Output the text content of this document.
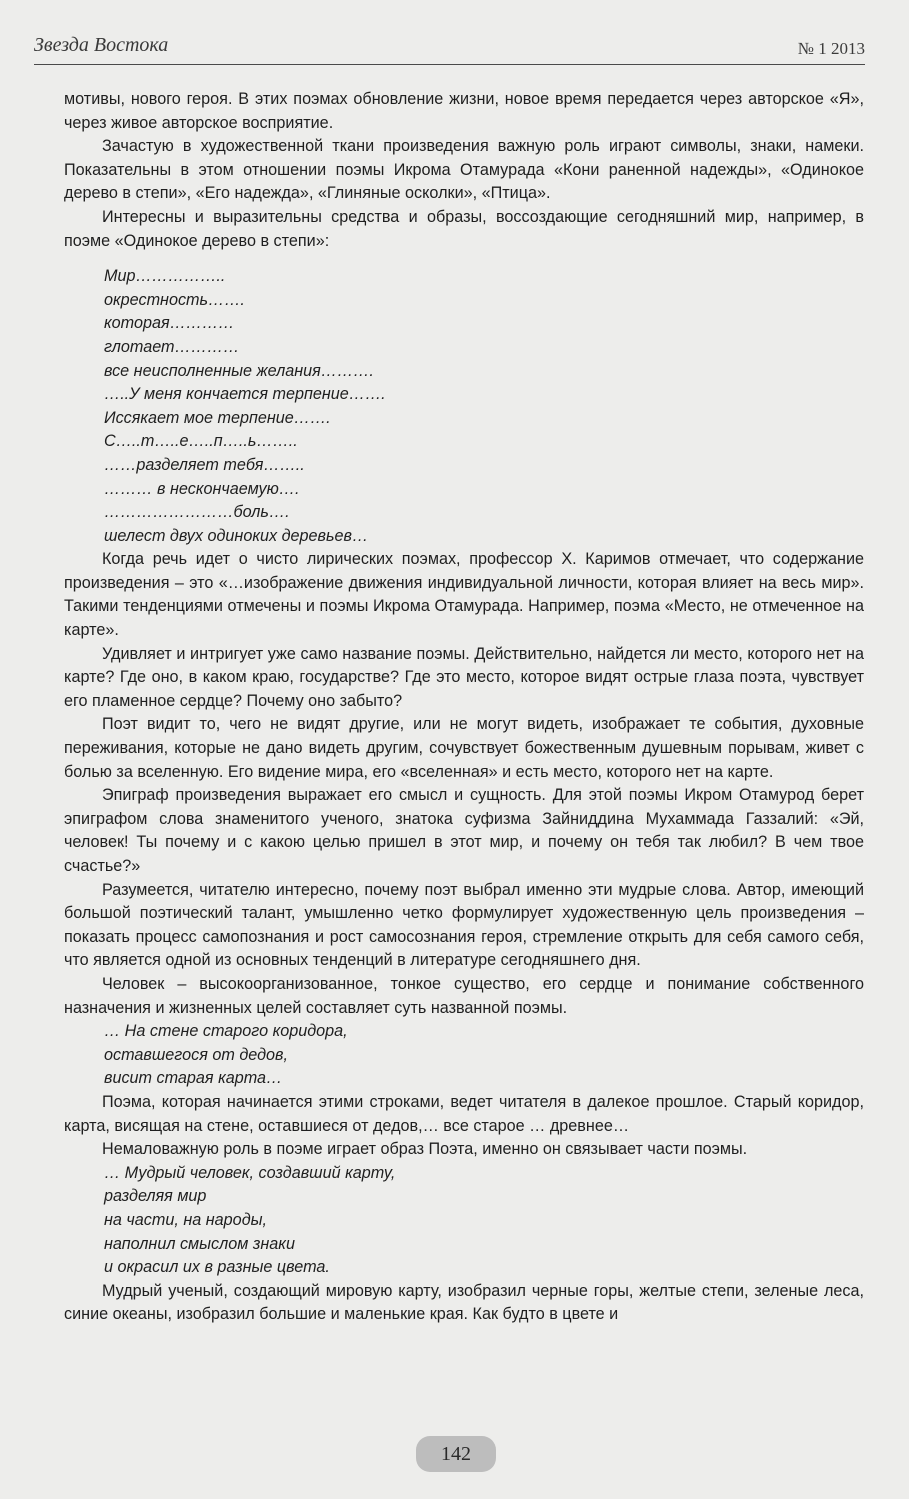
Звезда Востока	№ 1 2013

мотивы, нового героя. В этих поэмах обновление жизни, новое время передается через авторское «Я», через живое авторское восприятие.

Зачастую в художественной ткани произведения важную роль играют символы, знаки, намеки. Показательны в этом отношении поэмы Икрома Отамурада «Кони раненной надежды», «Одинокое дерево в степи», «Его надежда», «Глиняные осколки», «Птица».

Интересны и выразительны средства и образы, воссоздающие сегодняшний мир, например, в поэме «Одинокое дерево в степи»:

Мир……………..
окрестность…….
которая…………
глотает…………
все неисполненные желания……….
…..У меня кончается терпение…….
Иссякает мое терпение…….
С…..т…..е…..п…..ь……..
……разделяет тебя……..
……… в нескончаемую….
……………………боль….
шелест двух одиноких деревьев…

Когда речь идет о чисто лирических поэмах, профессор Х. Каримов отмечает, что содержание произведения – это «…изображение движения индивидуальной личности, которая влияет на весь мир». Такими тенденциями отмечены и поэмы Икрома Отамурада. Например, поэма «Место, не отмеченное на карте».

Удивляет и интригует уже само название поэмы. Действительно, найдется ли место, которого нет на карте? Где оно, в каком краю, государстве? Где это место, которое видят острые глаза поэта, чувствует его пламенное сердце? Почему оно забыто?

Поэт видит то, чего не видят другие, или не могут видеть, изображает те события, духовные переживания, которые не дано видеть другим, сочувствует божественным душевным порывам, живет с болью за вселенную. Его видение мира, его «вселенная» и есть место, которого нет на карте.

Эпиграф произведения выражает его смысл и сущность. Для этой поэмы Икром Отамурод берет эпиграфом слова знаменитого ученого, знатока суфизма Зайниддина Мухаммада Газзалий: «Эй, человек! Ты почему и с какою целью пришел в этот мир, и почему он тебя так любил? В чем твое счастье?»

Разумеется, читателю интересно, почему поэт выбрал именно эти мудрые слова. Автор, имеющий большой поэтический талант, умышленно четко формулирует художественную цель произведения – показать процесс самопознания и рост самосознания героя, стремление открыть для себя самого себя, что является одной из основных тенденций в литературе сегодняшнего дня.

Человек – высокоорганизованное, тонкое существо, его сердце и понимание собственного назначения и жизненных целей составляет суть названной поэмы.

… На стене старого коридора,
оставшегося от дедов,
висит старая карта…

Поэма, которая начинается этими строками, ведет читателя в далекое прошлое. Старый коридор, карта, висящая на стене, оставшиеся от дедов,… все старое … древнее…

Немаловажную роль в поэме играет образ Поэта, именно он связывает части поэмы.

… Мудрый человек, создавший карту,
разделяя мир
на части, на народы,
наполнил смыслом знаки
и окрасил их в разные цвета.

Мудрый ученый, создающий мировую карту, изобразил черные горы, желтые степи, зеленые леса, синие океаны, изобразил большие и маленькие края. Как будто в цвете и

142
